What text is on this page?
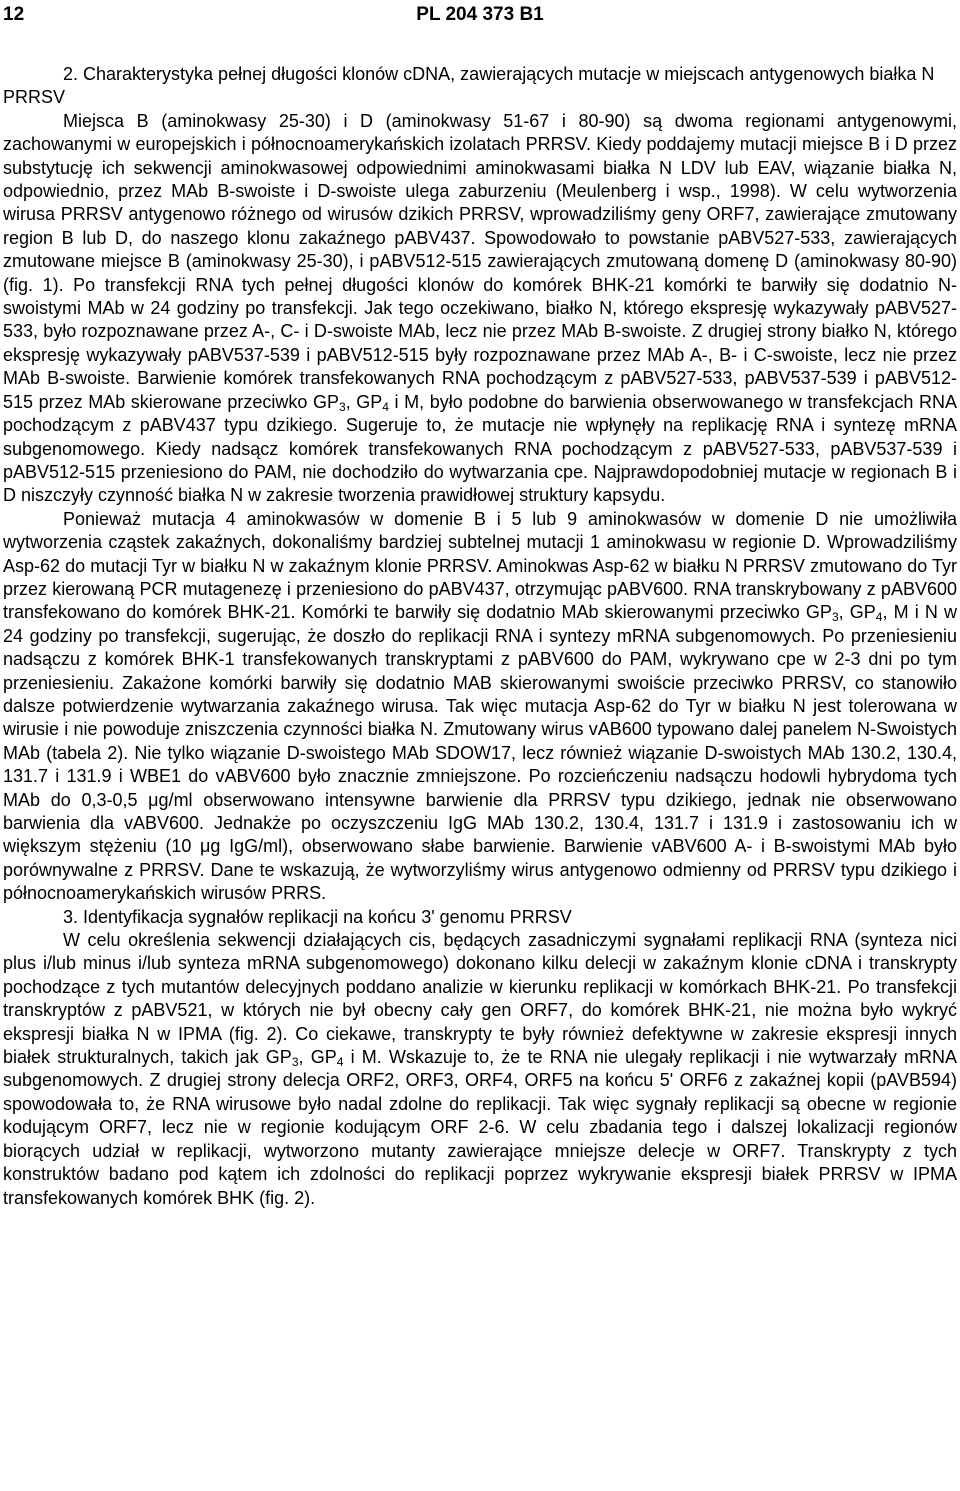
12	PL 204 373 B1

2. Charakterystyka pełnej długości klonów cDNA, zawierających mutacje w miejscach antygenowych białka N PRRSV

Miejsca B (aminokwasy 25-30) i D (aminokwasy 51-67 i 80-90) są dwoma regionami antygenowymi, zachowanymi w europejskich i północnoamerykańskich izolatach PRRSV. Kiedy poddajemy mutacji miejsce B i D przez substytucję ich sekwencji aminokwasowej odpowiednimi aminokwasami białka N LDV lub EAV, wiązanie białka N, odpowiednio, przez MAb B-swoiste i D-swoiste ulega zaburzeniu (Meulenberg i wsp., 1998). W celu wytworzenia wirusa PRRSV antygenowo różnego od wirusów dzikich PRRSV, wprowadziliśmy geny ORF7, zawierające zmutowany region B lub D, do naszego klonu zakaźnego pABV437. Spowodowało to powstanie pABV527-533, zawierających zmutowane miejsce B (aminokwasy 25-30), i pABV512-515 zawierających zmutowaną domenę D (aminokwasy 80-90) (fig. 1). Po transfekcji RNA tych pełnej długości klonów do komórek BHK-21 komórki te barwiły się dodatnio N-swoistymi MAb w 24 godziny po transfekcji. Jak tego oczekiwano, białko N, którego ekspresję wykazywały pABV527-533, było rozpoznawane przez A-, C- i D-swoiste MAb, lecz nie przez MAb B-swoiste. Z drugiej strony białko N, którego ekspresję wykazywały pABV537-539 i pABV512-515 były rozpoznawane przez MAb A-, B- i C-swoiste, lecz nie przez MAb B-swoiste. Barwienie komórek transfekowanych RNA pochodzącym z pABV527-533, pABV537-539 i pABV512-515 przez MAb skierowane przeciwko $GP_3$, $GP_4$ i M, było podobne do barwienia obserwowanego w transfekcjach RNA pochodzącym z pABV437 typu dzikiego. Sugeruje to, że mutacje nie wpłynęły na replikację RNA i syntezę mRNA subgenomowego. Kiedy nadsącz komórek transfekowanych RNA pochodzącym z pABV527-533, pABV537-539 i pABV512-515 przeniesiono do PAM, nie dochodziło do wytwarzania cpe. Najprawdopodobniej mutacje w regionach B i D niszczyły czynność białka N w zakresie tworzenia prawidłowej struktury kapsydu.

Ponieważ mutacja 4 aminokwasów w domenie B i 5 lub 9 aminokwasów w domenie D nie umożliwiła wytworzenia cząstek zakaźnych, dokonaliśmy bardziej subtelnej mutacji 1 aminokwasu w regionie D. Wprowadziliśmy Asp-62 do mutacji Tyr w białku N w zakaźnym klonie PRRSV. Aminokwas Asp-62 w białku N PRRSV zmutowano do Tyr przez kierowaną PCR mutagenezę i przeniesiono do pABV437, otrzymując pABV600. RNA transkrybowany z pABV600 transfekowano do komórek BHK-21. Komórki te barwiły się dodatnio MAb skierowanymi przeciwko $GP_3$, $GP_4$, M i N w 24 godziny po transfekcji, sugerując, że doszło do replikacji RNA i syntezy mRNA subgenomowych. Po przeniesieniu nadsączu z komórek BHK-1 transfekowanych transkryptami z pABV600 do PAM, wykrywano cpe w 2-3 dni po tym przeniesieniu. Zakażone komórki barwiły się dodatnio MAB skierowanymi swoiście przeciwko PRRSV, co stanowiło dalsze potwierdzenie wytwarzania zakaźnego wirusa. Tak więc mutacja Asp-62 do Tyr w białku N jest tolerowana w wirusie i nie powoduje zniszczenia czynności białka N. Zmutowany wirus vAB600 typowano dalej panelem N-Swoistych MAb (tabela 2). Nie tylko wiązanie D-swoistego MAb SDOW17, lecz również wiązanie D-swoistych MAb 130.2, 130.4, 131.7 i 131.9 i WBE1 do vABV600 było znacznie zmniejszone. Po rozcieńczeniu nadsączu hodowli hybrydoma tych MAb do 0,3-0,5 μg/ml obserwowano intensywne barwienie dla PRRSV typu dzikiego, jednak nie obserwowano barwienia dla vABV600. Jednakże po oczyszczeniu IgG MAb 130.2, 130.4, 131.7 i 131.9 i zastosowaniu ich w większym stężeniu (10 μg IgG/ml), obserwowano słabe barwienie. Barwienie vABV600 A- i B-swoistymi MAb było porównywalne z PRRSV. Dane te wskazują, że wytworzyliśmy wirus antygenowo odmienny od PRRSV typu dzikiego i północnoamerykańskich wirusów PRRS.

3. Identyfikacja sygnałów replikacji na końcu 3' genomu PRRSV

W celu określenia sekwencji działających cis, będących zasadniczymi sygnałami replikacji RNA (synteza nici plus i/lub minus i/lub synteza mRNA subgenomowego) dokonano kilku delecji w zakaźnym klonie cDNA i transkrypty pochodzące z tych mutantów delecyjnych poddano analizie w kierunku replikacji w komórkach BHK-21. Po transfekcji transkryptów z pABV521, w których nie był obecny cały gen ORF7, do komórek BHK-21, nie można było wykryć ekspresji białka N w IPMA (fig. 2). Co ciekawe, transkrypty te były również defektywne w zakresie ekspresji innych białek strukturalnych, takich jak $GP_3$, $GP_4$ i M. Wskazuje to, że te RNA nie ulegały replikacji i nie wytwarzały mRNA subgenomowych. Z drugiej strony delecja ORF2, ORF3, ORF4, ORF5 na końcu 5' ORF6 z zakaźnej kopii (pAVB594) spowodowała to, że RNA wirusowe było nadal zdolne do replikacji. Tak więc sygnały replikacji są obecne w regionie kodującym ORF7, lecz nie w regionie kodującym ORF 2-6. W celu zbadania tego i dalszej lokalizacji regionów biorących udział w replikacji, wytworzono mutanty zawierające mniejsze delecje w ORF7. Transkrypty z tych konstruktów badano pod kątem ich zdolności do replikacji poprzez wykrywanie ekspresji białek PRRSV w IPMA transfekowanych komórek BHK (fig. 2).
